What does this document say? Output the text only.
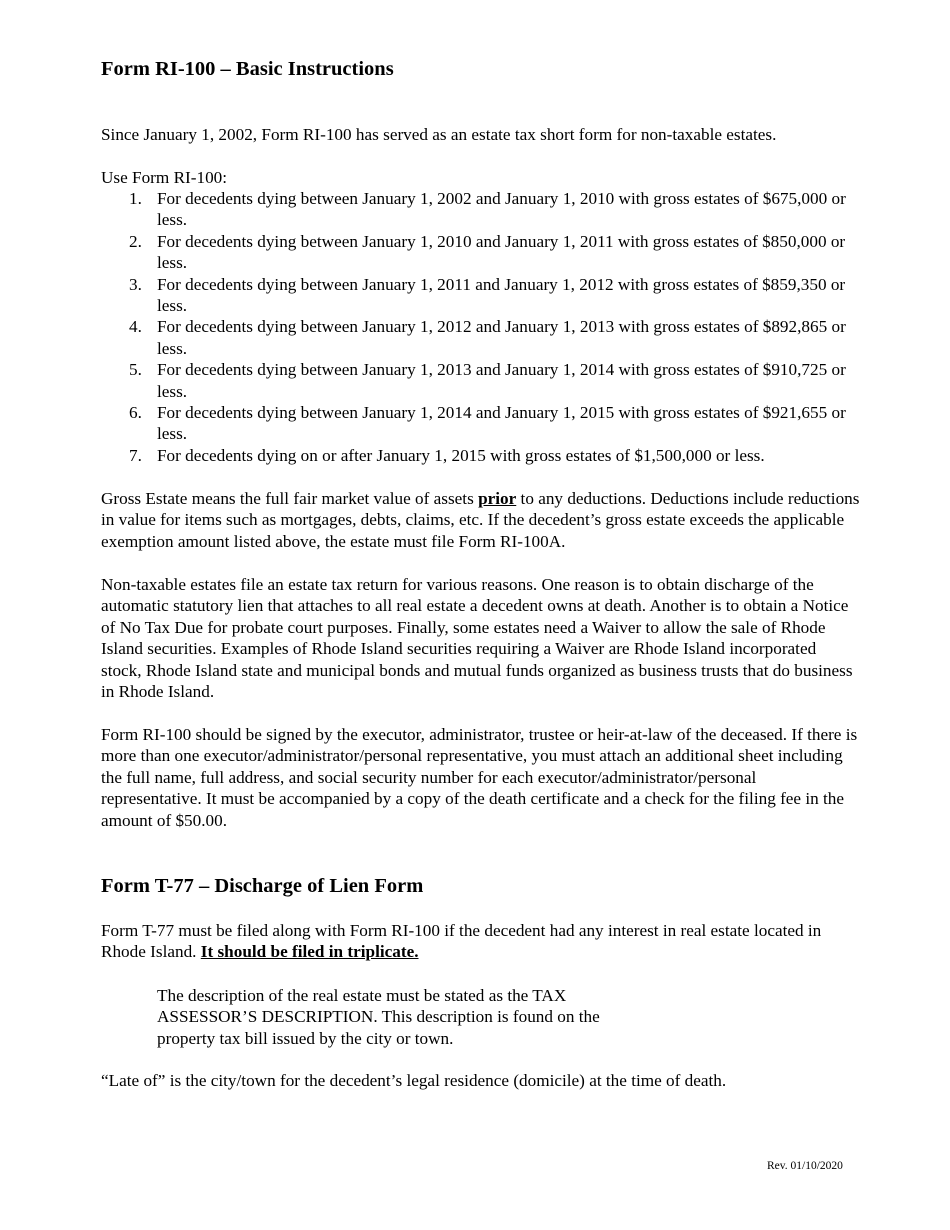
Form RI-100 – Basic Instructions

Since January 1, 2002, Form RI-100 has served as an estate tax short form for non-taxable estates.

Use Form RI-100:

1. For decedents dying between January 1, 2002 and January 1, 2010 with gross estates of $675,000 or less.
2. For decedents dying between January 1, 2010 and January 1, 2011 with gross estates of $850,000 or less.
3. For decedents dying between January 1, 2011 and January 1, 2012 with gross estates of $859,350 or less.
4. For decedents dying between January 1, 2012 and January 1, 2013 with gross estates of $892,865 or less.
5. For decedents dying between January 1, 2013 and January 1, 2014 with gross estates of $910,725 or less.
6. For decedents dying between January 1, 2014 and January 1, 2015 with gross estates of $921,655 or less.
7. For decedents dying on or after January 1, 2015 with gross estates of $1,500,000 or less.

Gross Estate means the full fair market value of assets prior to any deductions. Deductions include reductions in value for items such as mortgages, debts, claims, etc. If the decedent’s gross estate exceeds the applicable exemption amount listed above, the estate must file Form RI-100A.

Non-taxable estates file an estate tax return for various reasons. One reason is to obtain discharge of the automatic statutory lien that attaches to all real estate a decedent owns at death. Another is to obtain a Notice of No Tax Due for probate court purposes. Finally, some estates need a Waiver to allow the sale of Rhode Island securities. Examples of Rhode Island securities requiring a Waiver are Rhode Island incorporated stock, Rhode Island state and municipal bonds and mutual funds organized as business trusts that do business in Rhode Island.

Form RI-100 should be signed by the executor, administrator, trustee or heir-at-law of the deceased. If there is more than one executor/administrator/personal representative, you must attach an additional sheet including the full name, full address, and social security number for each executor/administrator/personal representative. It must be accompanied by a copy of the death certificate and a check for the filing fee in the amount of $50.00.

Form T-77 – Discharge of Lien Form

Form T-77 must be filed along with Form RI-100 if the decedent had any interest in real estate located in Rhode Island. It should be filed in triplicate.

The description of the real estate must be stated as the TAX ASSESSOR’S DESCRIPTION. This description is found on the property tax bill issued by the city or town.

“Late of” is the city/town for the decedent’s legal residence (domicile) at the time of death.

Rev. 01/10/2020
